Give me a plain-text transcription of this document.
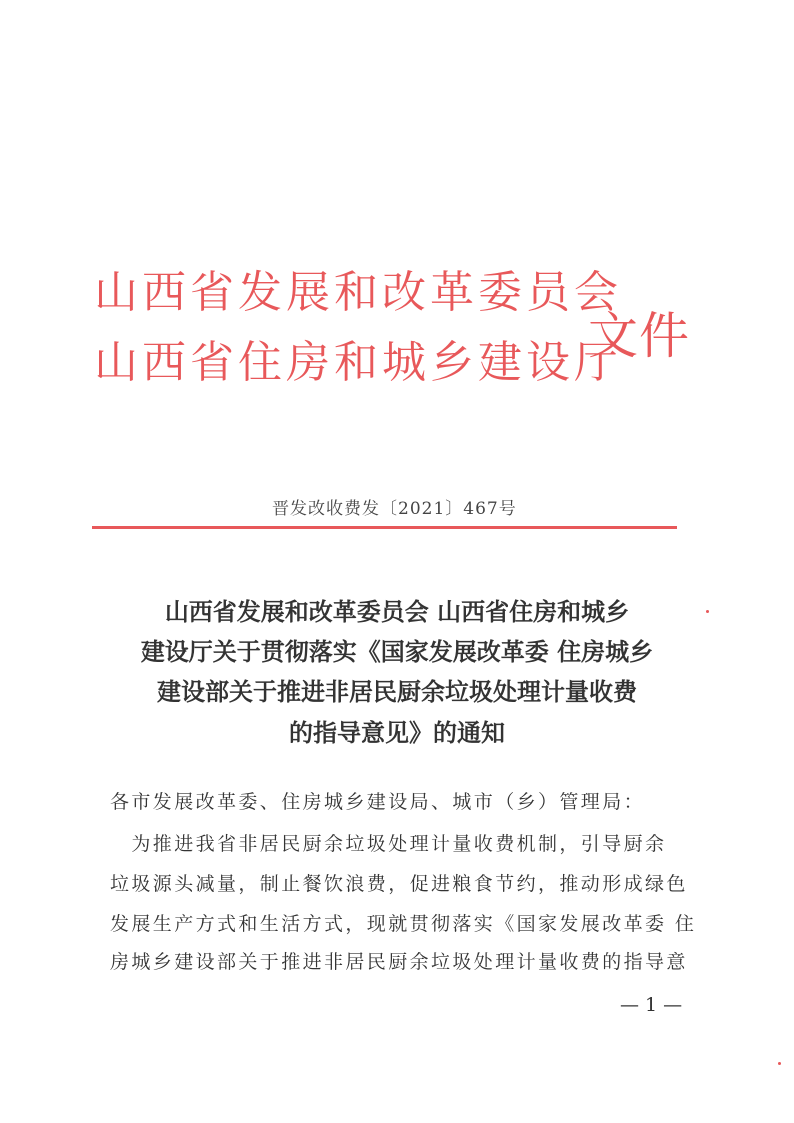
山西省发展和改革委员会
山西省住房和城乡建设厅
文件
晋发改收费发〔2021〕467号
山西省发展和改革委员会 山西省住房和城乡
建设厅关于贯彻落实《国家发展改革委 住房城乡
建设部关于推进非居民厨余垃圾处理计量收费
的指导意见》的通知
各市发展改革委、住房城乡建设局、城市（乡）管理局：
　为推进我省非居民厨余垃圾处理计量收费机制，引导厨余
垃圾源头减量，制止餐饮浪费，促进粮食节约，推动形成绿色
发展生产方式和生活方式，现就贯彻落实《国家发展改革委 住
房城乡建设部关于推进非居民厨余垃圾处理计量收费的指导意
— 1 —
